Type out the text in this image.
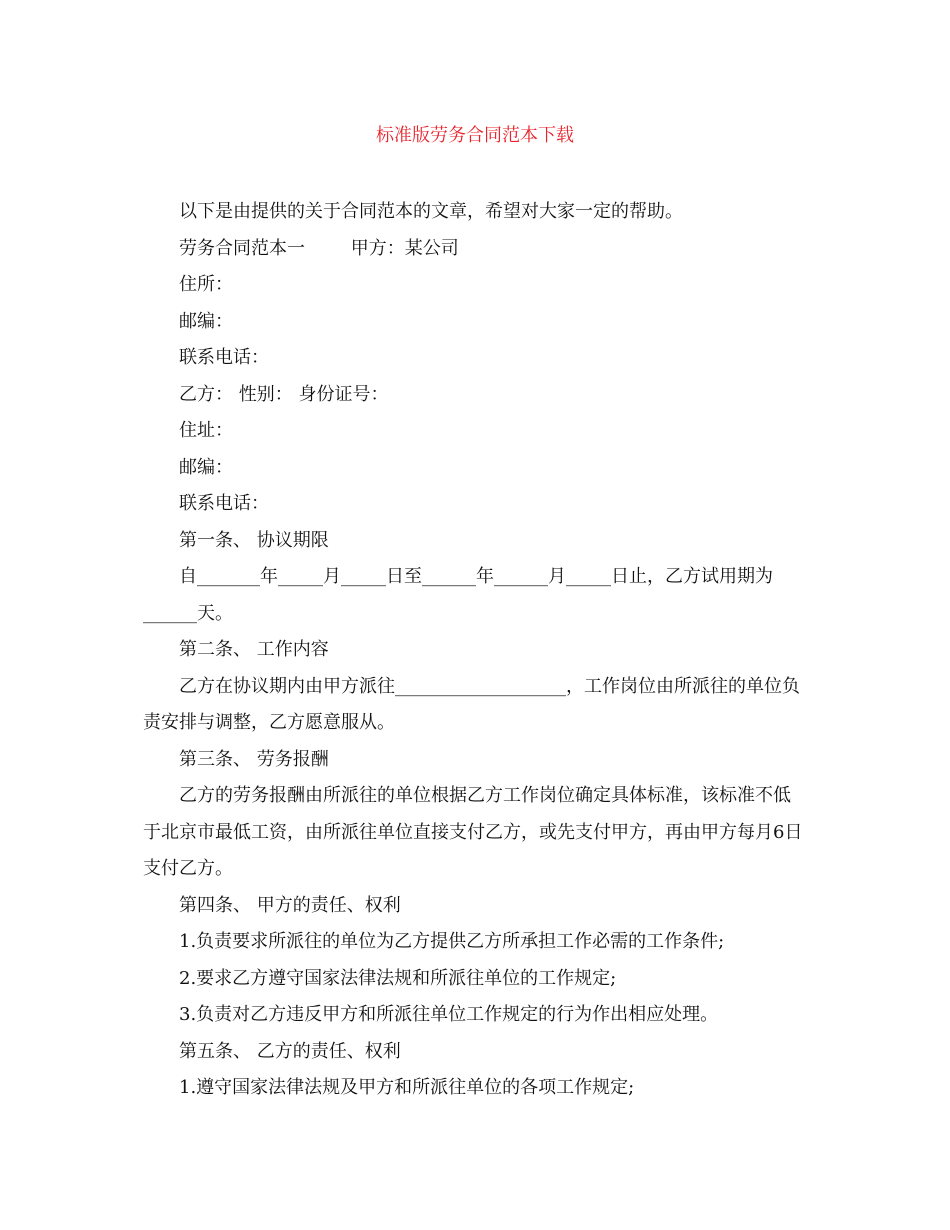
标准版劳务合同范本下载

以下是由提供的关于合同范本的文章，希望对大家一定的帮助。

劳务合同范本一        甲方：某公司

住所：

邮编：

联系电话：

乙方： 性别： 身份证号：

住址：

邮编：

联系电话：

第一条、 协议期限

自_______年_____月_____日至______年______月_____日止，乙方试用期为______天。

第二条、 工作内容

乙方在协议期内由甲方派往___________________，工作岗位由所派往的单位负责安排与调整，乙方愿意服从。

第三条、 劳务报酬

乙方的劳务报酬由所派往的单位根据乙方工作岗位确定具体标准，该标准不低于北京市最低工资，由所派往单位直接支付乙方，或先支付甲方，再由甲方每月6日支付乙方。

第四条、 甲方的责任、权利

1.负责要求所派往的单位为乙方提供乙方所承担工作必需的工作条件;

2.要求乙方遵守国家法律法规和所派往单位的工作规定;

3.负责对乙方违反甲方和所派往单位工作规定的行为作出相应处理。

第五条、 乙方的责任、权利

1.遵守国家法律法规及甲方和所派往单位的各项工作规定;
